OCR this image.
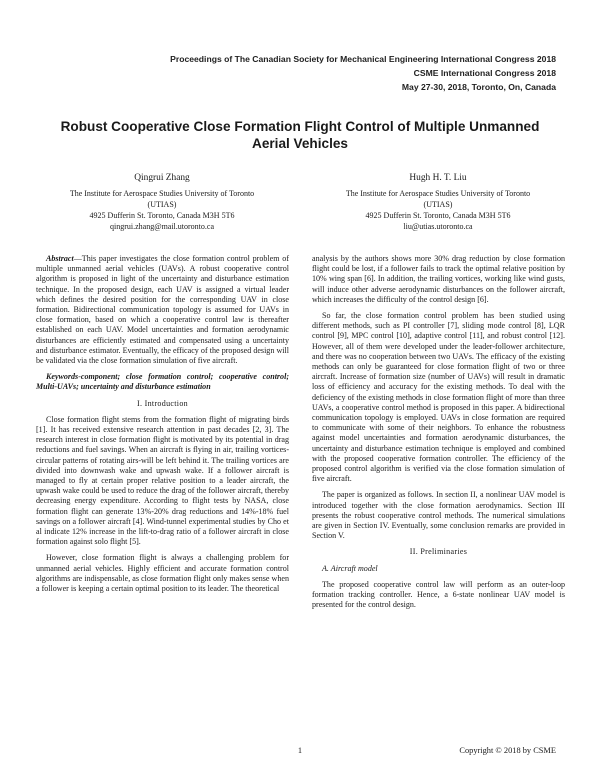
Proceedings of The Canadian Society for Mechanical Engineering International Congress 2018
CSME International Congress 2018
May 27-30, 2018, Toronto, On, Canada
Robust Cooperative Close Formation Flight Control of Multiple Unmanned
Aerial Vehicles
Qingrui Zhang
The Institute for Aerospace Studies University of Toronto
(UTIAS)
4925 Dufferin St. Toronto, Canada M3H 5T6
qingrui.zhang@mail.utoronto.ca
Hugh H. T. Liu
The Institute for Aerospace Studies University of Toronto
(UTIAS)
4925 Dufferin St. Toronto, Canada M3H 5T6
liu@utias.utoronto.ca

Abstract—This paper investigates the close formation control problem of multiple unmanned aerial vehicles (UAVs). A robust cooperative control algorithm is proposed in light of the uncertainty and disturbance estimation technique. In the proposed design, each UAV is assigned a virtual leader which defines the desired position for the corresponding UAV in close formation. Bidirectional communication topology is assumed for UAVs in close formation, based on which a cooperative control law is thereafter established on each UAV. Model uncertainties and formation aerodynamic disturbances are efficiently estimated and compensated using a uncertainty and disturbance estimator. Eventually, the efficacy of the proposed design will be validated via the close formation simulation of five aircraft.

Keywords-component; close formation control; cooperative control; Multi-UAVs; uncertainty and disturbance estimation

I. Introduction

Close formation flight stems from the formation flight of migrating birds [1]. It has received extensive research attention in past decades [2, 3]. The research interest in close formation flight is motivated by its potential in drag reductions and fuel savings. When an aircraft is flying in air, trailing vortices-circular patterns of rotating airs-will be left behind it. The trailing vortices are divided into downwash wake and upwash wake. If a follower aircraft is managed to fly at certain proper relative position to a leader aircraft, the upwash wake could be used to reduce the drag of the follower aircraft, thereby decreasing energy expenditure. According to flight tests by NASA, close formation flight can generate 13%-20% drag reductions and 14%-18% fuel savings on a follower aircraft [4]. Wind-tunnel experimental studies by Cho et al indicate 12% increase in the lift-to-drag ratio of a follower aircraft in close formation against solo flight [5].

However, close formation flight is always a challenging problem for unmanned aerial vehicles. Highly efficient and accurate formation control algorithms are indispensable, as close formation flight only makes sense when a follower is keeping a certain optimal position to its leader. The theoretical

analysis by the authors shows more 30% drag reduction by close formation flight could be lost, if a follower fails to track the optimal relative position by 10% wing span [6]. In addition, the trailing vortices, working like wind gusts, will induce other adverse aerodynamic disturbances on the follower aircraft, which increases the difficulty of the control design [6].

So far, the close formation control problem has been studied using different methods, such as PI controller [7], sliding mode control [8], LQR control [9], MPC control [10], adaptive control [11], and robust control [12]. However, all of them were developed under the leader-follower architecture, and there was no cooperation between two UAVs. The efficacy of the existing methods can only be guaranteed for close formation flight of two or three aircraft. Increase of formation size (number of UAVs) will result in dramatic loss of efficiency and accuracy for the existing methods. To deal with the deficiency of the existing methods in close formation flight of more than three UAVs, a cooperative control method is proposed in this paper. A bidirectional communication topology is employed. UAVs in close formation are required to communicate with some of their neighbors. To enhance the robustness against model uncertainties and formation aerodynamic disturbances, the uncertainty and disturbance estimation technique is employed and combined with the proposed cooperative formation controller. The efficiency of the proposed control algorithm is verified via the close formation simulation of five aircraft.

The paper is organized as follows. In section II, a nonlinear UAV model is introduced together with the close formation aerodynamics. Section III presents the robust cooperative control methods. The numerical simulations are given in Section IV. Eventually, some conclusion remarks are provided in Section V.

II. Preliminaries

A. Aircraft model

The proposed cooperative control law will perform as an outer-loop formation tracking controller. Hence, a 6-state nonlinear UAV model is presented for the control design.

1	Copyright © 2018 by CSME
